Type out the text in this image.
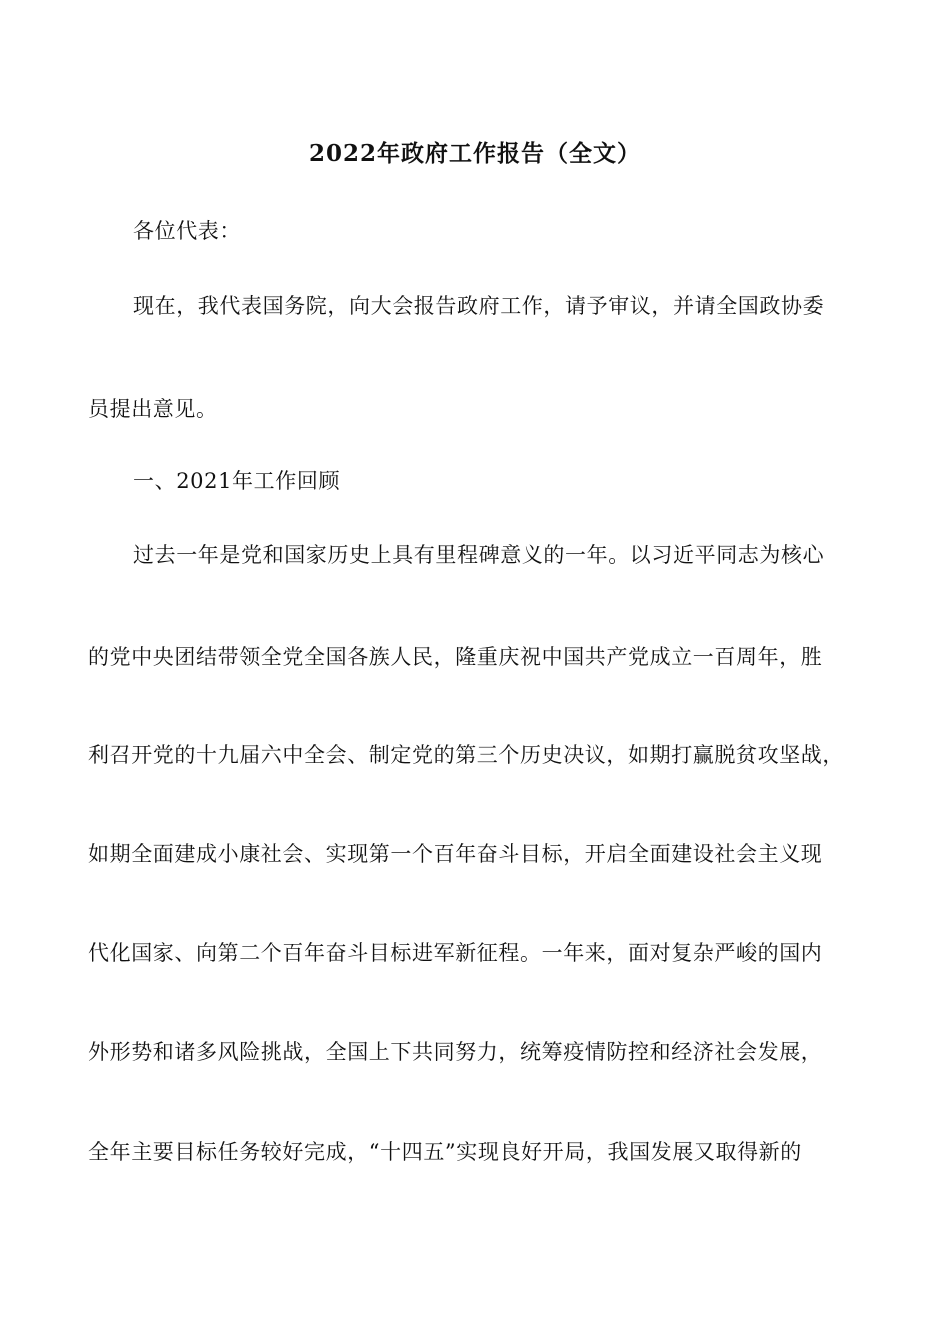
2022年政府工作报告（全文）
各位代表：
现在，我代表国务院，向大会报告政府工作，请予审议，并请全国政协委
员提出意见。
一、2021年工作回顾
过去一年是党和国家历史上具有里程碑意义的一年。以习近平同志为核心
的党中央团结带领全党全国各族人民，隆重庆祝中国共产党成立一百周年，胜
利召开党的十九届六中全会、制定党的第三个历史决议，如期打赢脱贫攻坚战，
如期全面建成小康社会、实现第一个百年奋斗目标，开启全面建设社会主义现
代化国家、向第二个百年奋斗目标进军新征程。一年来，面对复杂严峻的国内
外形势和诸多风险挑战，全国上下共同努力，统筹疫情防控和经济社会发展，
全年主要目标任务较好完成，“十四五”实现良好开局，我国发展又取得新的
